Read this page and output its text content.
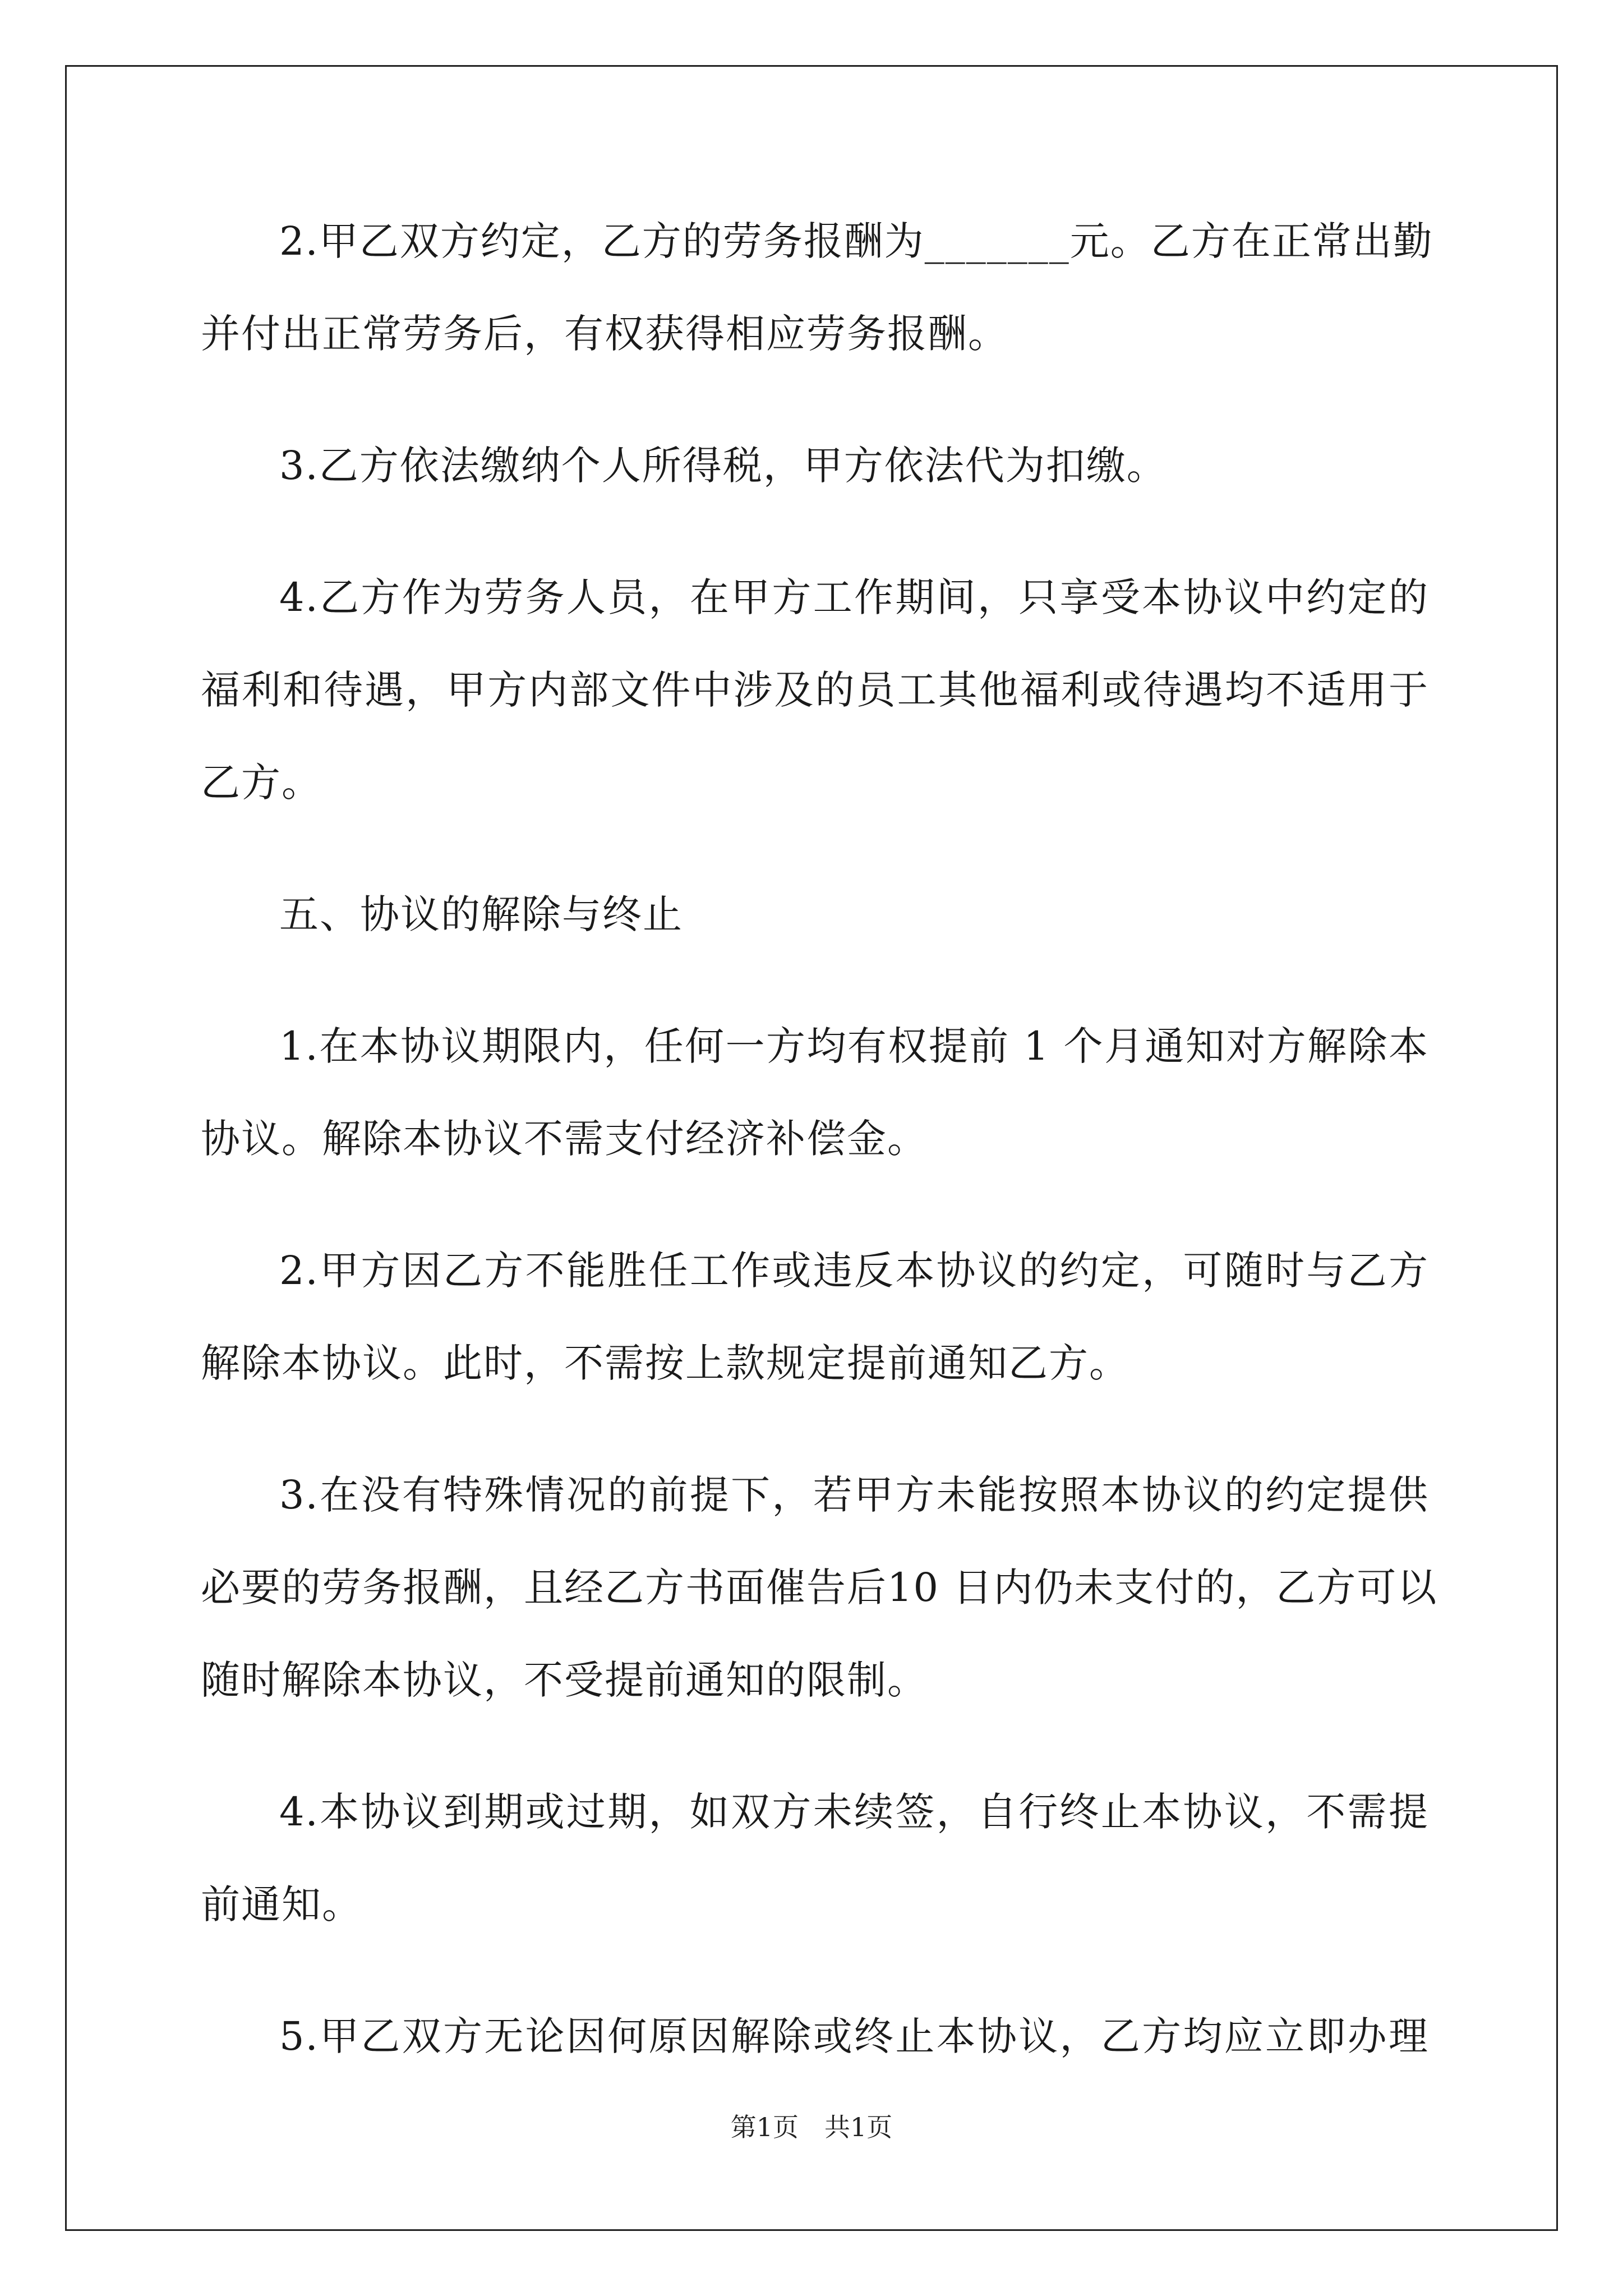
2.甲乙双方约定，乙方的劳务报酬为_______元。乙方在正常出勤
并付出正常劳务后，有权获得相应劳务报酬。
3.乙方依法缴纳个人所得税，甲方依法代为扣缴。
4.乙方作为劳务人员，在甲方工作期间，只享受本协议中约定的
福利和待遇，甲方内部文件中涉及的员工其他福利或待遇均不适用于
乙方。
五、协议的解除与终止
1.在本协议期限内，任何一方均有权提前 1 个月通知对方解除本
协议。解除本协议不需支付经济补偿金。
2.甲方因乙方不能胜任工作或违反本协议的约定，可随时与乙方
解除本协议。此时，不需按上款规定提前通知乙方。
3.在没有特殊情况的前提下，若甲方未能按照本协议的约定提供
必要的劳务报酬，且经乙方书面催告后10 日内仍未支付的，乙方可以
随时解除本协议，不受提前通知的限制。
4.本协议到期或过期，如双方未续签，自行终止本协议，不需提
前通知。
5.甲乙双方无论因何原因解除或终止本协议，乙方均应立即办理
第1页　共1页
